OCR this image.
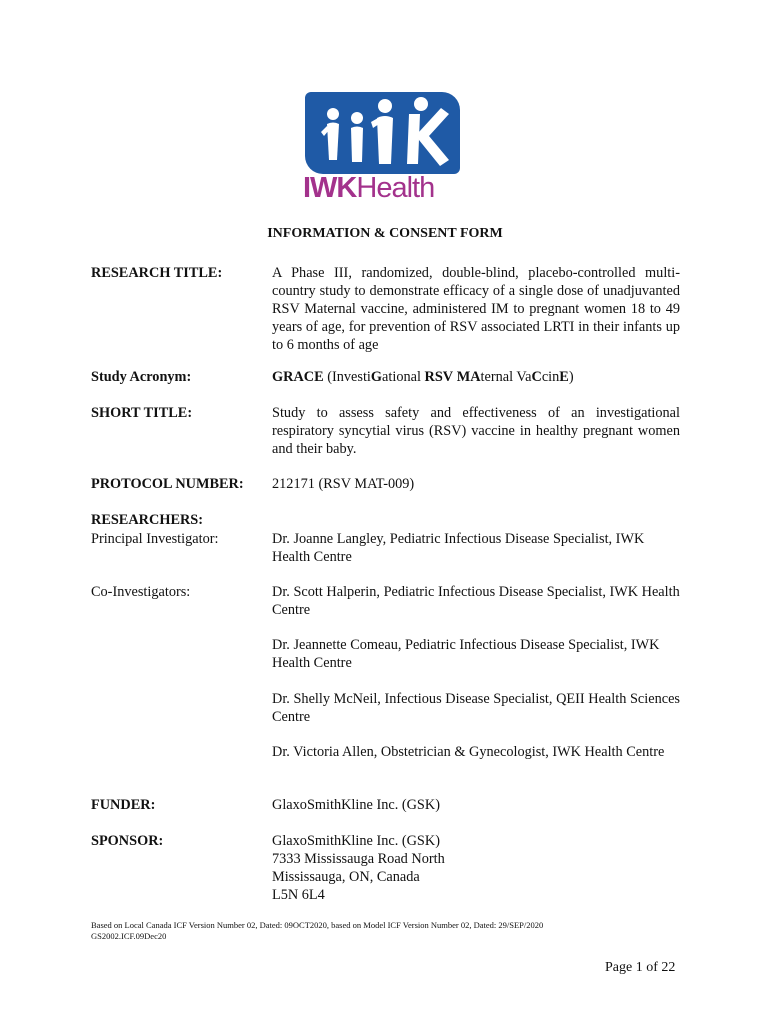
IWKHealth
INFORMATION & CONSENT FORM
RESEARCH TITLE:	A Phase III, randomized, double-blind, placebo-controlled multi-country study to demonstrate efficacy of a single dose of unadjuvanted RSV Maternal vaccine, administered IM to pregnant women 18 to 49 years of age, for prevention of RSV associated LRTI in their infants up to 6 months of age
Study Acronym:	GRACE (InvestiGational RSV MAternal VaCcinE)
SHORT TITLE:	Study to assess safety and effectiveness of an investigational respiratory syncytial virus (RSV) vaccine in healthy pregnant women and their baby.
PROTOCOL NUMBER:	212171 (RSV MAT-009)
RESEARCHERS:
Principal Investigator:	Dr. Joanne Langley, Pediatric Infectious Disease Specialist, IWK Health Centre
Co-Investigators:	Dr. Scott Halperin, Pediatric Infectious Disease Specialist, IWK Health Centre
Dr. Jeannette Comeau, Pediatric Infectious Disease Specialist, IWK Health Centre
Dr. Shelly McNeil, Infectious Disease Specialist, QEII Health Sciences Centre
Dr. Victoria Allen, Obstetrician & Gynecologist, IWK Health Centre
FUNDER:	GlaxoSmithKline Inc. (GSK)
SPONSOR:	GlaxoSmithKline Inc. (GSK)
7333 Mississauga Road North
Mississauga, ON, Canada
L5N 6L4
Based on Local Canada ICF Version Number 02, Dated: 09OCT2020, based on Model ICF Version Number 02, Dated: 29/SEP/2020
GS2002.ICF.09Dec20
Page 1 of 22
